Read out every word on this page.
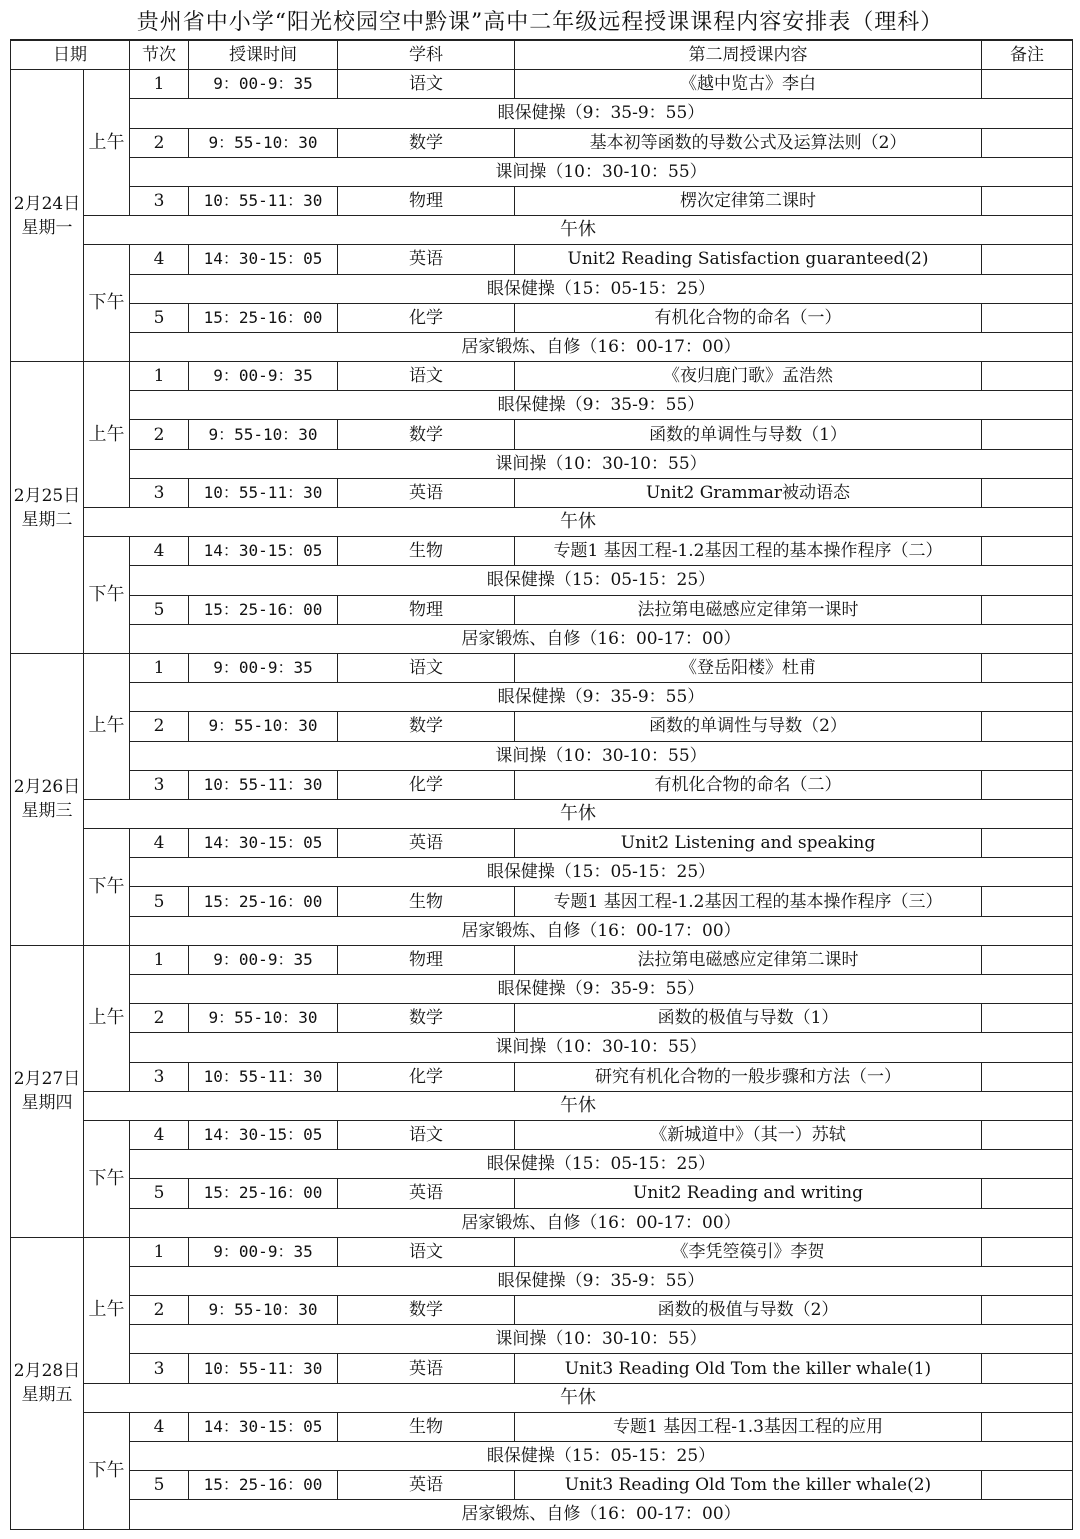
贵州省中小学“阳光校园空中黔课”高中二年级远程授课课程内容安排表（理科）
日期		节次	授课时间	学科	第二周授课内容	备注
2月24日
星期一	上午	1	9：00-9：35	语文	《越中览古》李白	
		眼保健操（9：35-9：55）				
		2	9：55-10：30	数学	基本初等函数的导数公式及运算法则（2）	
		课间操（10：30-10：55）				
		3	10：55-11：30	物理	楞次定律第二课时	
	午休					
	下午	4	14：30-15：05	英语	Unit2 Reading Satisfaction guaranteed(2)	
		眼保健操（15：05-15：25）				
		5	15：25-16：00	化学	有机化合物的命名（一）	
		居家锻炼、自修（16：00-17：00）				
2月25日
星期二	上午	1	9：00-9：35	语文	《夜归鹿门歌》孟浩然	
		眼保健操（9：35-9：55）				
		2	9：55-10：30	数学	函数的单调性与导数（1）	
		课间操（10：30-10：55）				
		3	10：55-11：30	英语	Unit2 Grammar被动语态	
	午休					
	下午	4	14：30-15：05	生物	专题1 基因工程-1.2基因工程的基本操作程序（二）	
		眼保健操（15：05-15：25）				
		5	15：25-16：00	物理	法拉第电磁感应定律第一课时	
		居家锻炼、自修（16：00-17：00）				
2月26日
星期三	上午	1	9：00-9：35	语文	《登岳阳楼》杜甫	
		眼保健操（9：35-9：55）				
		2	9：55-10：30	数学	函数的单调性与导数（2）	
		课间操（10：30-10：55）				
		3	10：55-11：30	化学	有机化合物的命名（二）	
	午休					
	下午	4	14：30-15：05	英语	Unit2 Listening and speaking	
		眼保健操（15：05-15：25）				
		5	15：25-16：00	生物	专题1 基因工程-1.2基因工程的基本操作程序（三）	
		居家锻炼、自修（16：00-17：00）				
2月27日
星期四	上午	1	9：00-9：35	物理	法拉第电磁感应定律第二课时	
		眼保健操（9：35-9：55）				
		2	9：55-10：30	数学	函数的极值与导数（1）	
		课间操（10：30-10：55）				
		3	10：55-11：30	化学	研究有机化合物的一般步骤和方法（一）	
	午休					
	下午	4	14：30-15：05	语文	《新城道中》（其一）苏轼	
		眼保健操（15：05-15：25）				
		5	15：25-16：00	英语	Unit2 Reading and writing	
		居家锻炼、自修（16：00-17：00）				
2月28日
星期五	上午	1	9：00-9：35	语文	《李凭箜篌引》李贺	
		眼保健操（9：35-9：55）				
		2	9：55-10：30	数学	函数的极值与导数（2）	
		课间操（10：30-10：55）				
		3	10：55-11：30	英语	Unit3 Reading Old Tom the killer whale(1)	
	午休					
	下午	4	14：30-15：05	生物	专题1 基因工程-1.3基因工程的应用	
		眼保健操（15：05-15：25）				
		5	15：25-16：00	英语	Unit3 Reading Old Tom the killer whale(2)	
		居家锻炼、自修（16：00-17：00）				
